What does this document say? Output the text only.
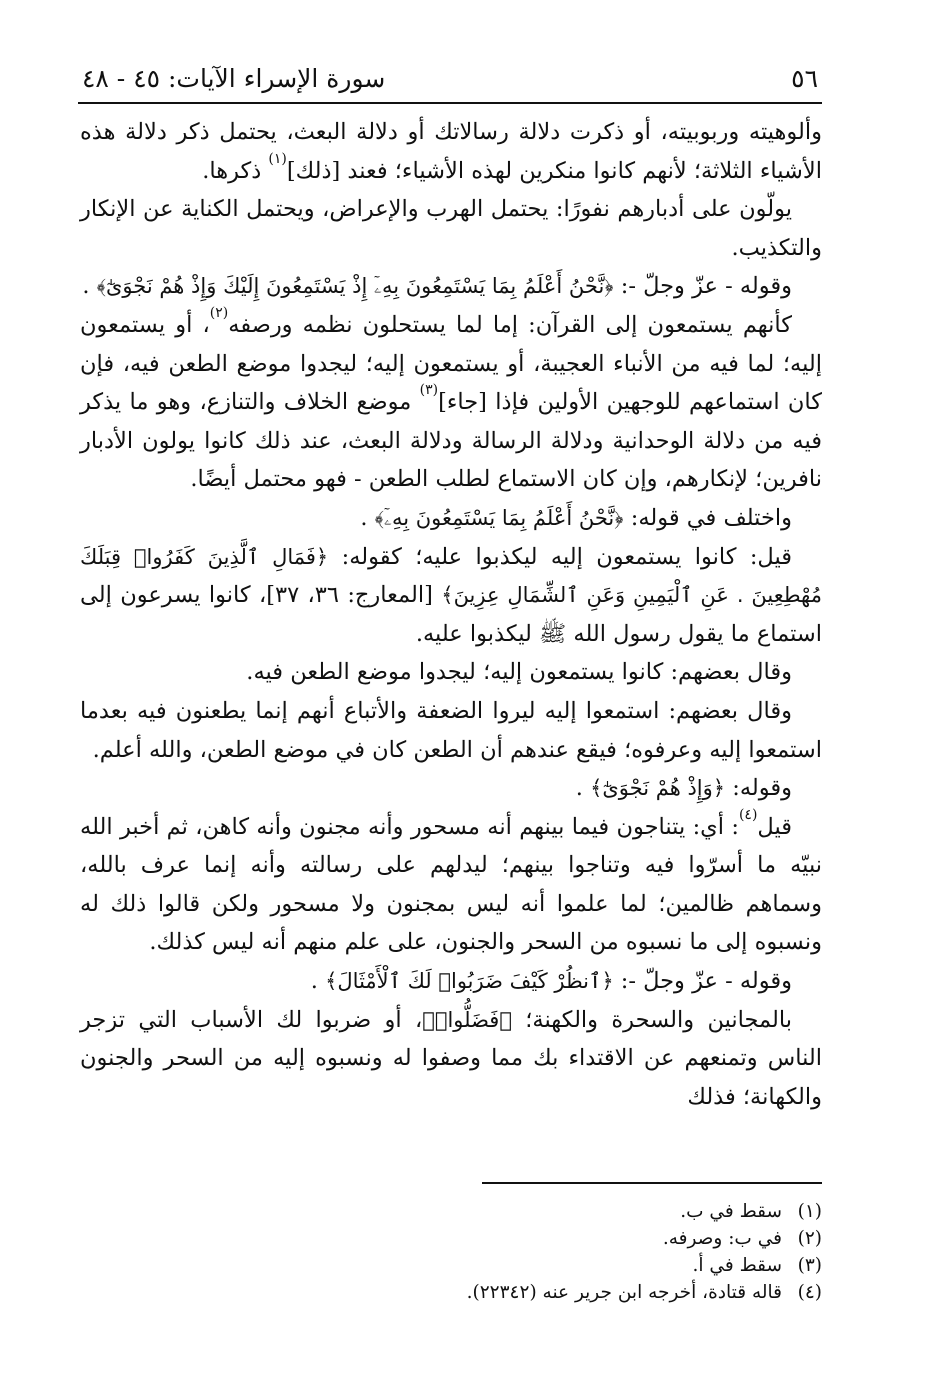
٥٦
سورة الإسراء الآيات: ٤٥ - ٤٨

وألوهيته وربوبيته، أو ذكرت دلالة رسالاتك أو دلالة البعث، يحتمل ذكر دلالة هذه الأشياء الثلاثة؛ لأنهم كانوا منكرين لهذه الأشياء؛ فعند [ذلك]$^{(١)}$ ذكرها.

يولّون على أدبارهم نفورًا: يحتمل الهرب والإعراض، ويحتمل الكناية عن الإنكار والتكذيب.

وقوله - عزّ وجلّ -: ﴿نَّحْنُ أَعْلَمُ بِمَا يَسْتَمِعُونَ بِهِۦٓ إِذْ يَسْتَمِعُونَ إِلَيْكَ وَإِذْ هُمْ نَجْوَىٰٓ﴾ .

كأنهم يستمعون إلى القرآن: إما لما يستحلون نظمه ورصفه$^{(٢)}$، أو يستمعون إليه؛ لما فيه من الأنباء العجيبة، أو يستمعون إليه؛ ليجدوا موضع الطعن فيه، فإن كان استماعهم للوجهين الأولين فإذا [جاء]$^{(٣)}$ موضع الخلاف والتنازع، وهو ما يذكر فيه من دلالة الوحدانية ودلالة الرسالة ودلالة البعث، عند ذلك كانوا يولون الأدبار نافرين؛ لإنكارهم، وإن كان الاستماع لطلب الطعن - فهو محتمل أيضًا.

واختلف في قوله: ﴿نَّحْنُ أَعْلَمُ بِمَا يَسْتَمِعُونَ بِهِۦٓ﴾ .

قيل: كانوا يستمعون إليه ليكذبوا عليه؛ كقوله: ﴿فَمَالِ ٱلَّذِينَ كَفَرُوا۟ قِبَلَكَ مُهْطِعِينَ . عَنِ ٱلْيَمِينِ وَعَنِ ٱلشِّمَالِ عِزِينَ﴾ [المعارج: ٣٦، ٣٧]، كانوا يسرعون إلى استماع ما يقول رسول الله ﷺ ليكذبوا عليه.

وقال بعضهم: كانوا يستمعون إليه؛ ليجدوا موضع الطعن فيه.

وقال بعضهم: استمعوا إليه ليروا الضعفة والأتباع أنهم إنما يطعنون فيه بعدما استمعوا إليه وعرفوه؛ فيقع عندهم أن الطعن كان في موضع الطعن، والله أعلم.

وقوله: ﴿وَإِذْ هُمْ نَجْوَىٰٓ﴾ .

قيل$^{(٤)}$: أي: يتناجون فيما بينهم أنه مسحور وأنه مجنون وأنه كاهن، ثم أخبر الله نبيّه ما أسرّوا فيه وتناجوا بينهم؛ ليدلهم على رسالته وأنه إنما عرف بالله، وسماهم ظالمين؛ لما علموا أنه ليس بمجنون ولا مسحور ولكن قالوا ذلك له ونسبوه إلى ما نسبوه من السحر والجنون، على علم منهم أنه ليس كذلك.

وقوله - عزّ وجلّ -: ﴿ٱنظُرْ كَيْفَ ضَرَبُوا۟ لَكَ ٱلْأَمْثَالَ﴾ .

بالمجانين والسحرة والكهنة؛ ﴿فَضَلُّوا۟﴾، أو ضربوا لك الأسباب التي تزجر الناس وتمنعهم عن الاقتداء بك مما وصفوا له ونسبوه إليه من السحر والجنون والكهانة؛ فذلك

(١)
سقط في ب.
(٢)
في ب: وصرفه.
(٣)
سقط في أ.
(٤)
قاله قتادة، أخرجه ابن جرير عنه (٢٢٣٤٢).
